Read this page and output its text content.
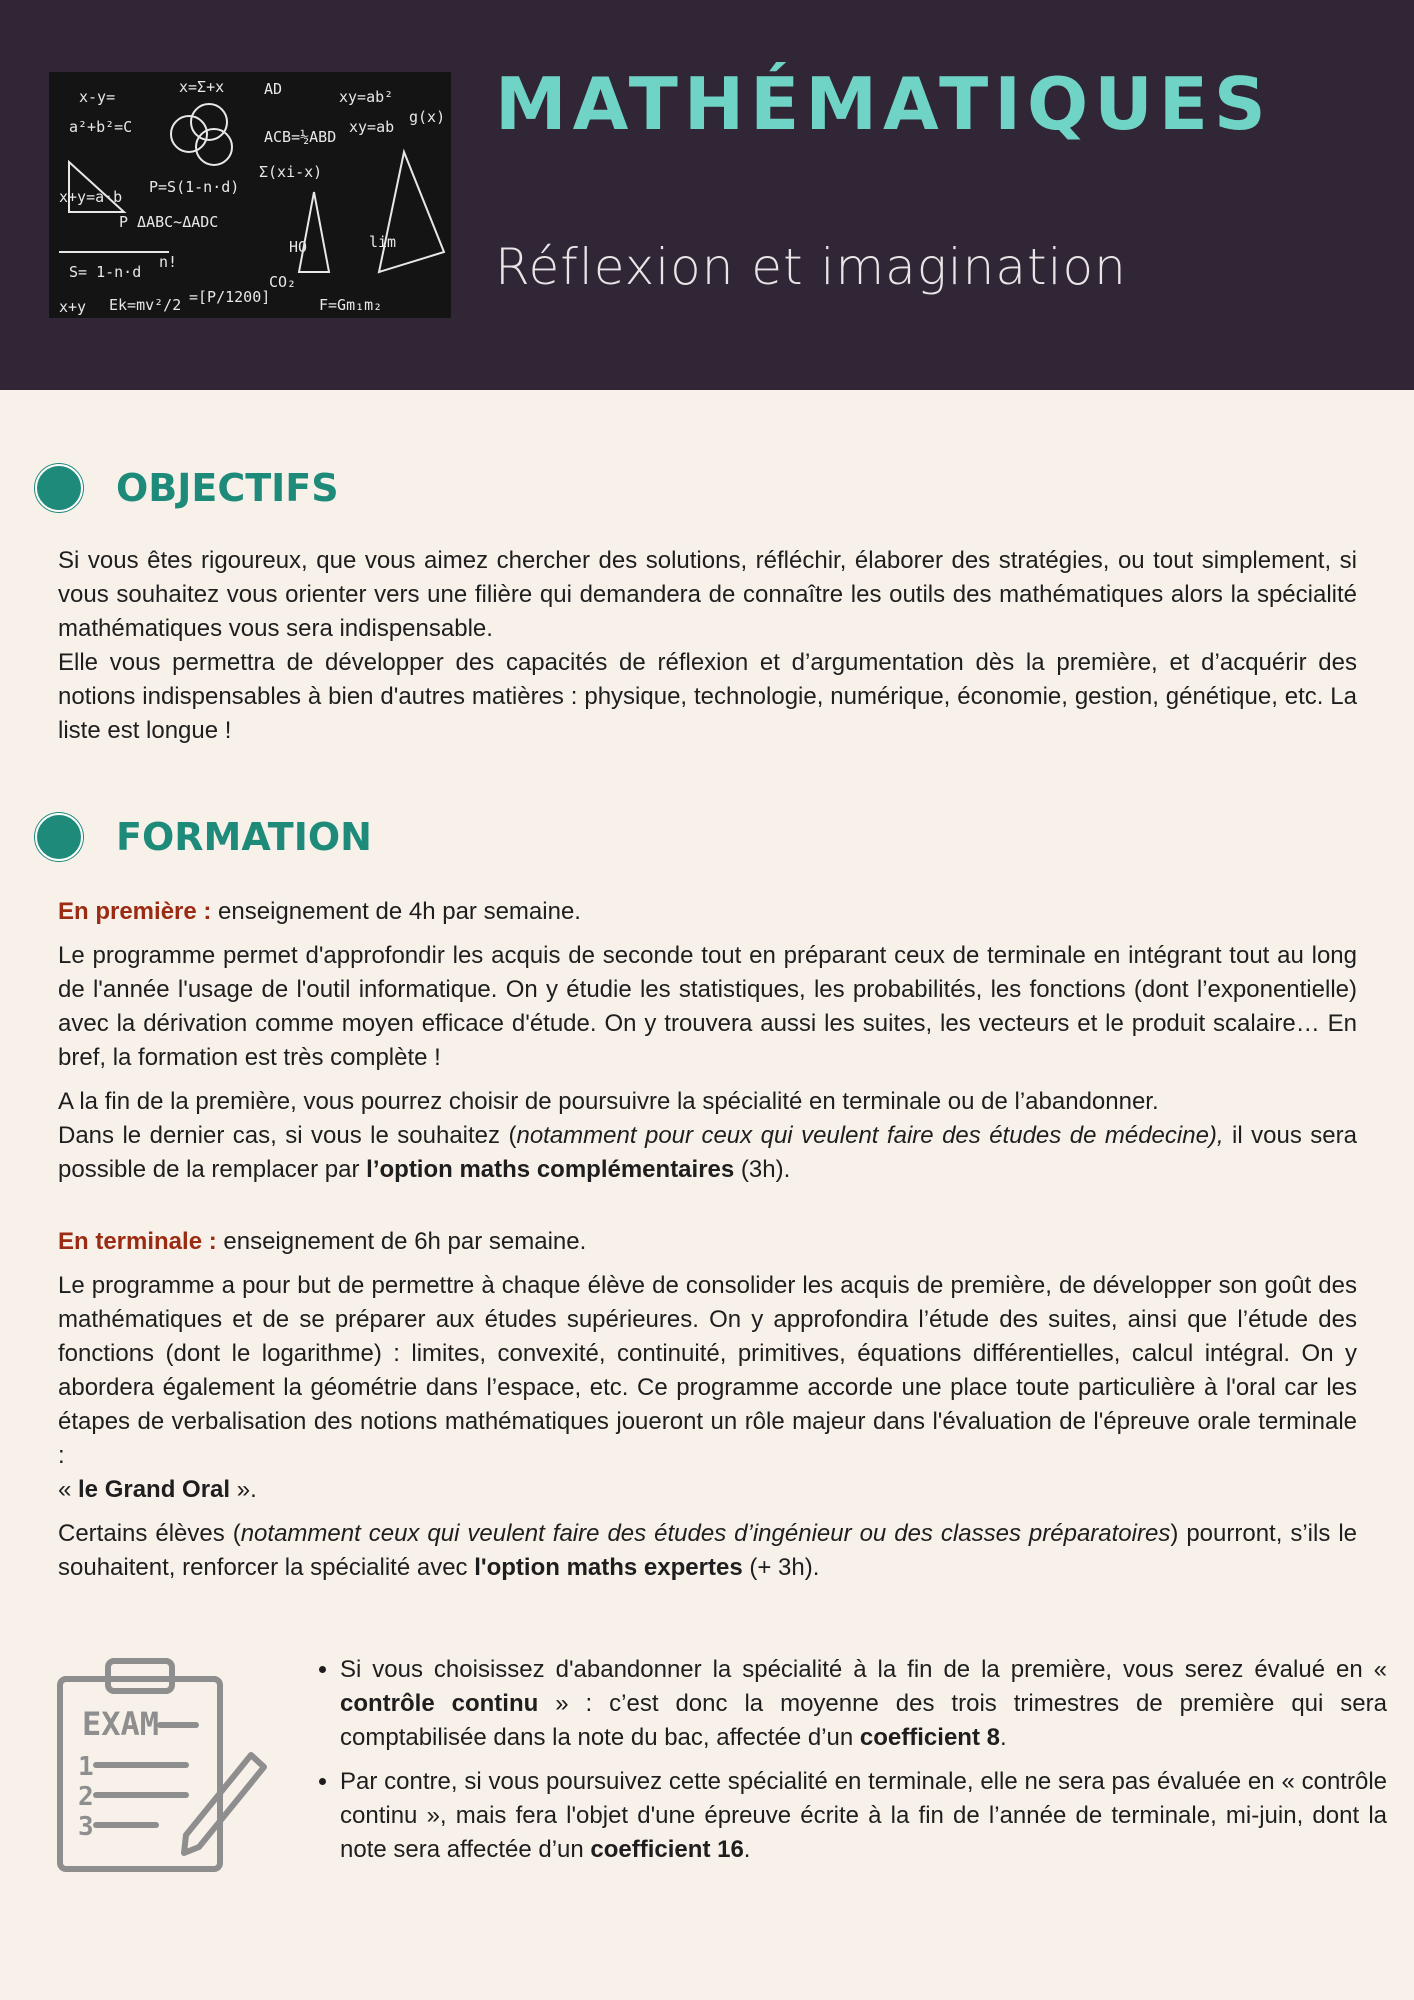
x-y=
x=Σ+x	AD	xy=ab²
a²+b²=C
ACB=½ABD
xy=ab
g(x)
x+y=a·b
P=S(1-n·d)
Σ(xi-x)
P ΔABC~ΔADC
S= 1-n·d
n!
HO	lim
Ek=mv²/2 =[P/1200]	F=Gm₁m₂
CO₂
x+y
MATHÉMATIQUES
Réflexion et imagination
OBJECTIFS

Si vous êtes rigoureux, que vous aimez chercher des solutions, réfléchir, élaborer des stratégies, ou tout simplement, si vous souhaitez vous orienter vers une filière qui demandera de connaître les outils des mathématiques alors la spécialité mathématiques vous sera indispensable.

Elle vous permettra de développer des capacités de réflexion et d’argumentation dès la première, et d’acquérir des notions indispensables à bien d'autres matières : physique, technologie, numérique, économie, gestion, génétique, etc. La liste est longue !

FORMATION

En première : enseignement de 4h par semaine.

Le programme permet d'approfondir les acquis de seconde tout en préparant ceux de terminale en intégrant tout au long de l'année l'usage de l'outil informatique. On y étudie les statistiques, les probabilités, les fonctions (dont l’exponentielle) avec la dérivation comme moyen efficace d'étude. On y trouvera aussi les suites, les vecteurs et le produit scalaire… En bref, la formation est très complète !

A la fin de la première, vous pourrez choisir de poursuivre la spécialité en terminale ou de l’abandonner.

Dans le dernier cas, si vous le souhaitez (notamment pour ceux qui veulent faire des études de médecine), il vous sera possible de la remplacer par l’option maths complémentaires (3h).

En terminale : enseignement de 6h par semaine.

Le programme a pour but de permettre à chaque élève de consolider les acquis de première, de développer son goût des mathématiques et de se préparer aux études supérieures. On y approfondira l’étude des suites, ainsi que l’étude des fonctions (dont le logarithme) : limites, convexité, continuité, primitives, équations différentielles, calcul intégral. On y abordera également la géométrie dans l’espace, etc. Ce programme accorde une place toute particulière à l'oral car les étapes de verbalisation des notions mathématiques joueront un rôle majeur dans l'évaluation de l'épreuve orale terminale :

« le Grand Oral ».

Certains élèves (notamment ceux qui veulent faire des études d’ingénieur ou des classes préparatoires) pourront, s’ils le souhaitent, renforcer la spécialité avec l'option maths expertes (+ 3h).

EXAM
1
2
3
• Si vous choisissez d'abandonner la spécialité à la fin de la première, vous serez évalué en « contrôle continu » : c’est donc la moyenne des trois trimestres de première qui sera comptabilisée dans la note du bac, affectée d’un coefficient 8.
• Par contre, si vous poursuivez cette spécialité en terminale, elle ne sera pas évaluée en « contrôle continu », mais fera l'objet d'une épreuve écrite à la fin de l’année de terminale, mi-juin, dont la note sera affectée d’un coefficient 16.
